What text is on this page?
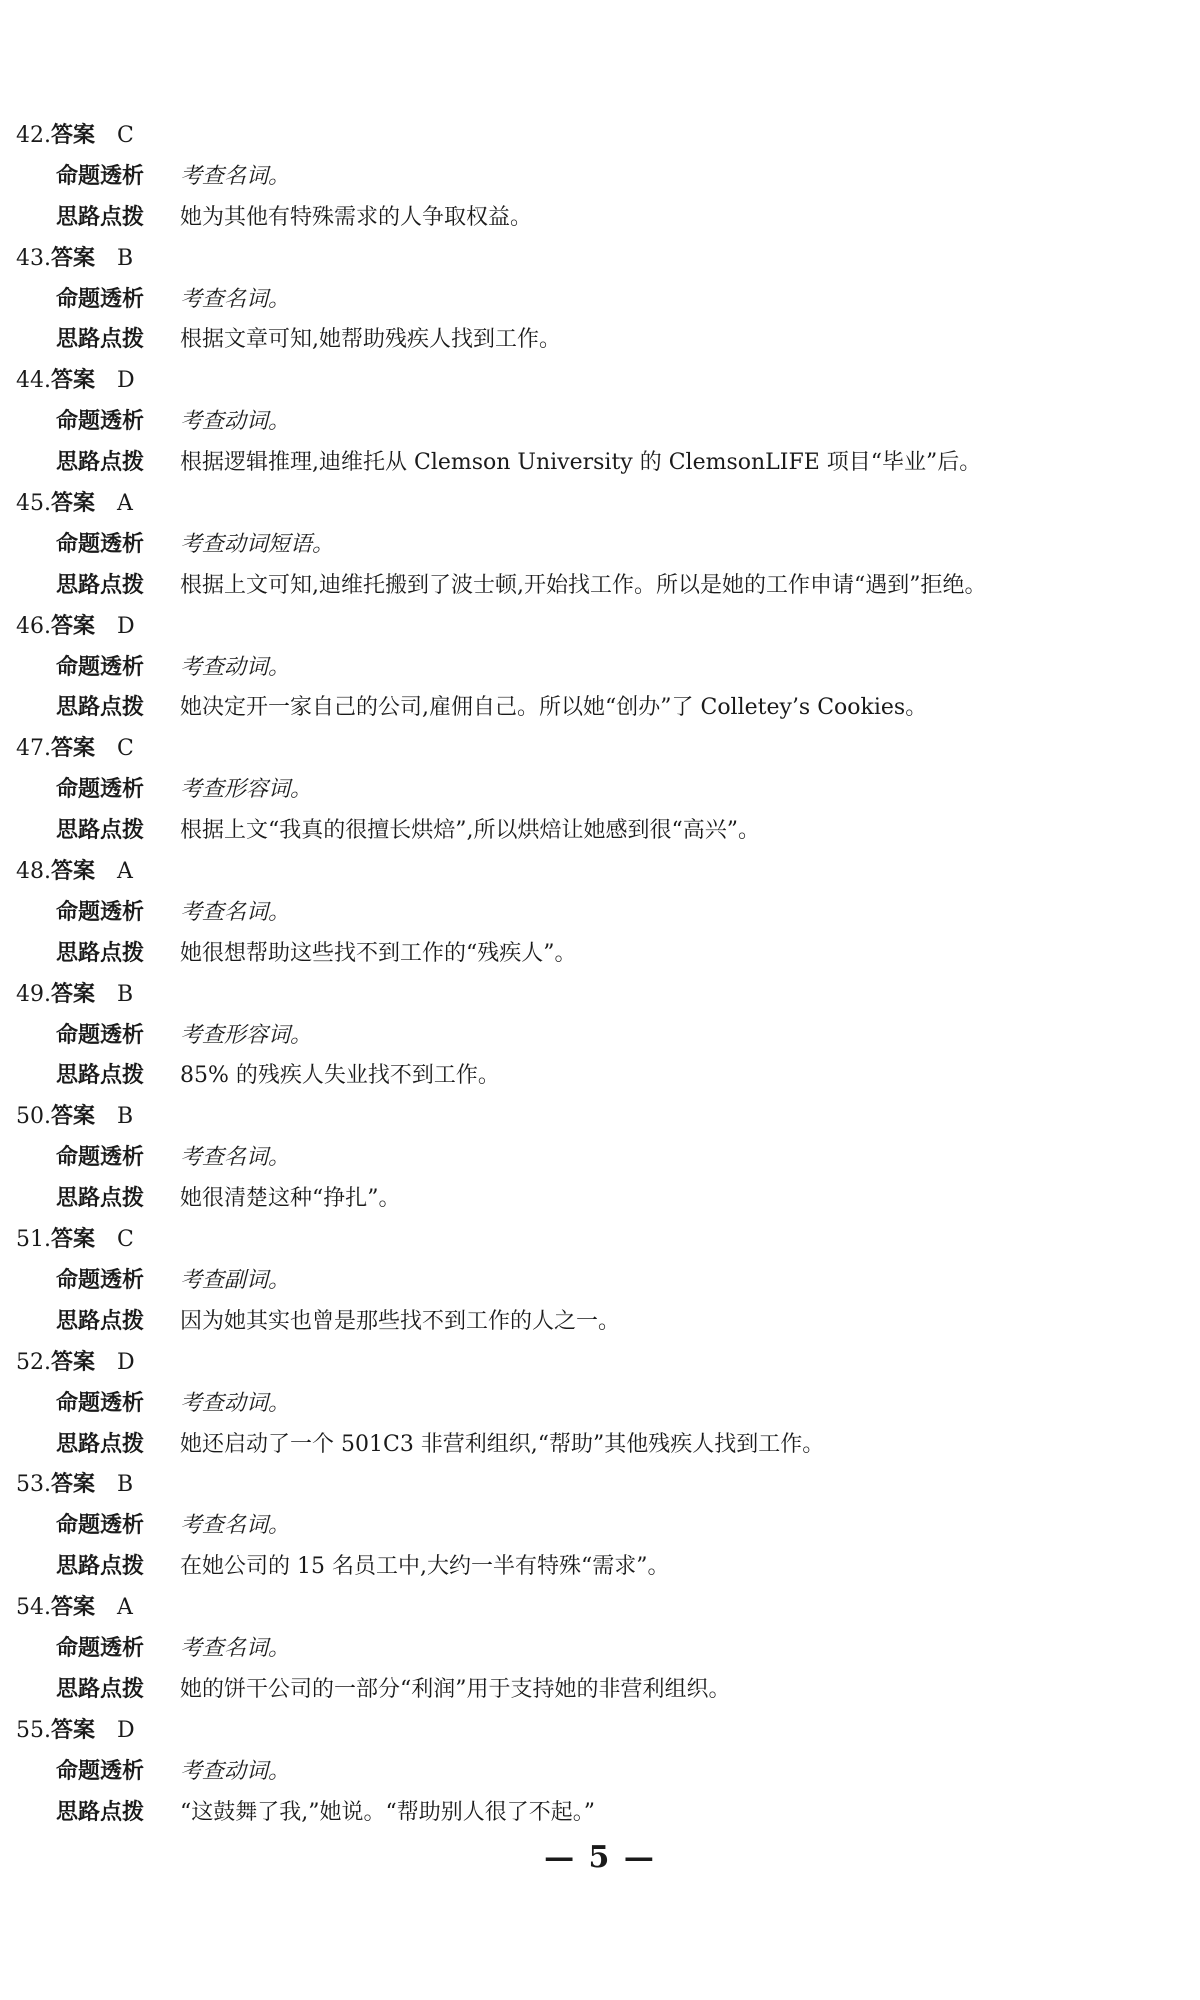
42.答案 C
命题透析 考查名词。
思路点拨 她为其他有特殊需求的人争取权益。
43.答案 B
命题透析 考查名词。
思路点拨 根据文章可知,她帮助残疾人找到工作。
44.答案 D
命题透析 考查动词。
思路点拨 根据逻辑推理,迪维托从 Clemson University 的 ClemsonLIFE 项目“毕业”后。
45.答案 A
命题透析 考查动词短语。
思路点拨 根据上文可知,迪维托搬到了波士顿,开始找工作。所以是她的工作申请“遇到”拒绝。
46.答案 D
命题透析 考查动词。
思路点拨 她决定开一家自己的公司,雇佣自己。所以她“创办”了 Colletey’s Cookies。
47.答案 C
命题透析 考查形容词。
思路点拨 根据上文“我真的很擅长烘焙”,所以烘焙让她感到很“高兴”。
48.答案 A
命题透析 考查名词。
思路点拨 她很想帮助这些找不到工作的“残疾人”。
49.答案 B
命题透析 考查形容词。
思路点拨 85% 的残疾人失业找不到工作。
50.答案 B
命题透析 考查名词。
思路点拨 她很清楚这种“挣扎”。
51.答案 C
命题透析 考查副词。
思路点拨 因为她其实也曾是那些找不到工作的人之一。
52.答案 D
命题透析 考查动词。
思路点拨 她还启动了一个 501C3 非营利组织,“帮助”其他残疾人找到工作。
53.答案 B
命题透析 考查名词。
思路点拨 在她公司的 15 名员工中,大约一半有特殊“需求”。
54.答案 A
命题透析 考查名词。
思路点拨 她的饼干公司的一部分“利润”用于支持她的非营利组织。
55.答案 D
命题透析 考查动词。
思路点拨 “这鼓舞了我,”她说。“帮助别人很了不起。”
— 5 —
